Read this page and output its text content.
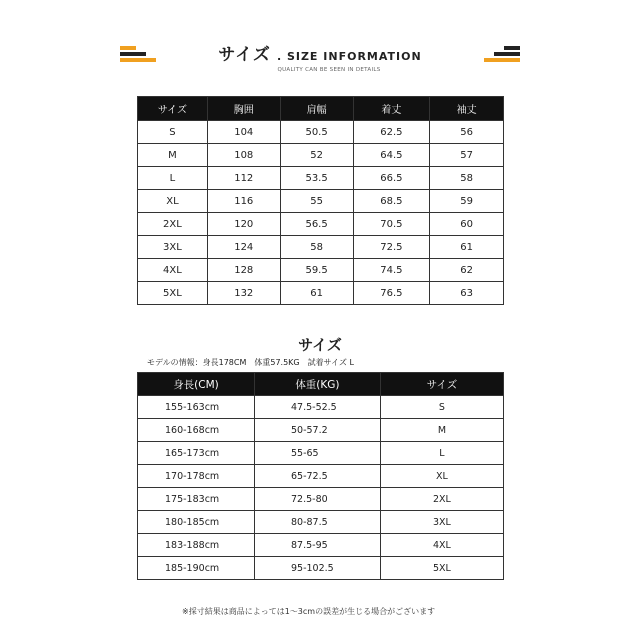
サイズ . SIZE INFORMATION
QUALITY CAN BE SEEN IN DETAILS
サイズ	胸囲	肩幅	着丈	袖丈
S	104	50.5	62.5	56
M	108	52	64.5	57
L	112	53.5	66.5	58
XL	116	55	68.5	59
2XL	120	56.5	70.5	60
3XL	124	58	72.5	61
4XL	128	59.5	74.5	62
5XL	132	61	76.5	63
サイズ
モデルの情報：身長178CM　体重57.5KG　試着サイズ L
身長(CM)	体重(KG)	サイズ
155-163cm	47.5-52.5	S
160-168cm	50-57.2	M
165-173cm	55-65	L
170-178cm	65-72.5	XL
175-183cm	72.5-80	2XL
180-185cm	80-87.5	3XL
183-188cm	87.5-95	4XL
185-190cm	95-102.5	5XL
※採寸結果は商品によっては1～3cmの誤差が生じる場合がございます
